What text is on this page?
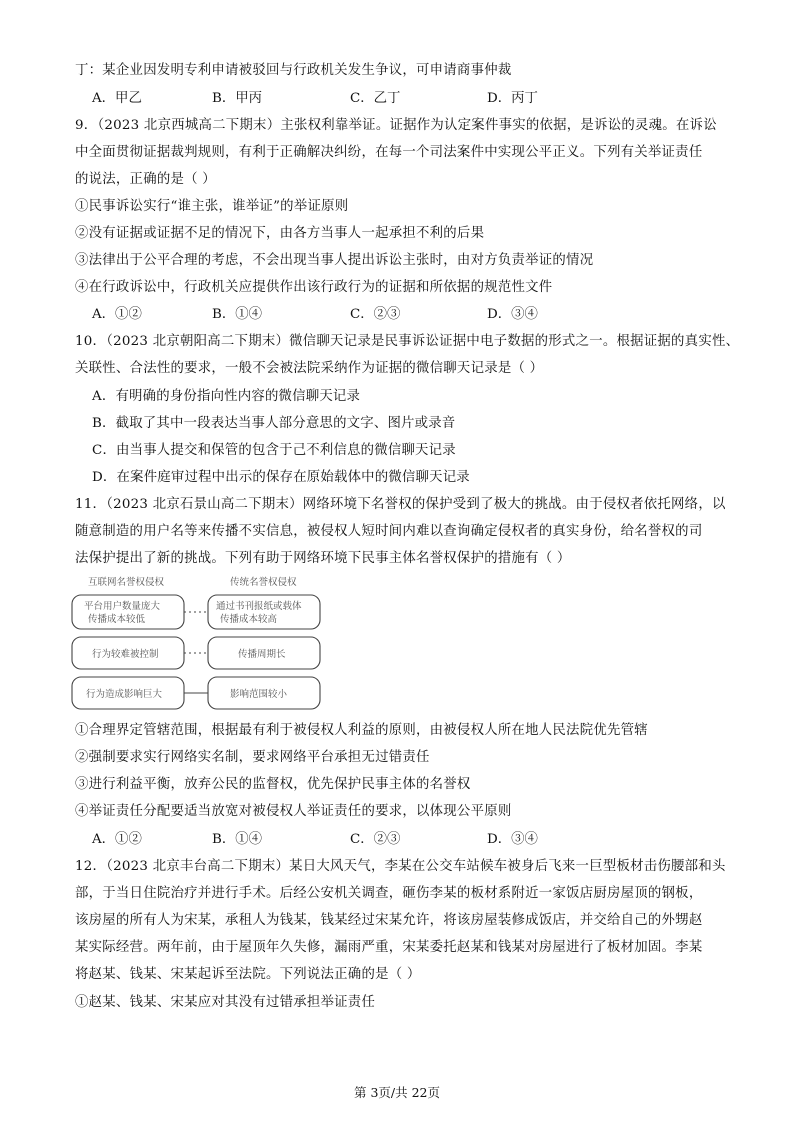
丁：某企业因发明专利申请被驳回与行政机关发生争议，可申请商事仲裁
A．甲乙	B．甲丙	C．乙丁	D．丙丁
9．（2023 北京西城高二下期末）主张权利靠举证。证据作为认定案件事实的依据，是诉讼的灵魂。在诉讼
中全面贯彻证据裁判规则，有利于正确解决纠纷，在每一个司法案件中实现公平正义。下列有关举证责任
的说法，正确的是（ ）
①民事诉讼实行“谁主张，谁举证”的举证原则
②没有证据或证据不足的情况下，由各方当事人一起承担不利的后果
③法律出于公平合理的考虑，不会出现当事人提出诉讼主张时，由对方负责举证的情况
④在行政诉讼中，行政机关应提供作出该行政行为的证据和所依据的规范性文件
A．①②	B．①④	C．②③	D．③④
10．（2023 北京朝阳高二下期末）微信聊天记录是民事诉讼证据中电子数据的形式之一。根据证据的真实性、
关联性、合法性的要求，一般不会被法院采纳作为证据的微信聊天记录是（ ）
A．有明确的身份指向性内容的微信聊天记录
B．截取了其中一段表达当事人部分意思的文字、图片或录音
C．由当事人提交和保管的包含于己不利信息的微信聊天记录
D．在案件庭审过程中出示的保存在原始载体中的微信聊天记录
11．（2023 北京石景山高二下期末）网络环境下名誉权的保护受到了极大的挑战。由于侵权者依托网络，以
随意制造的用户名等来传播不实信息，被侵权人短时间内难以查询确定侵权者的真实身份，给名誉权的司
法保护提出了新的挑战。下列有助于网络环境下民事主体名誉权保护的措施有（ ）
互联网名誉权侵权	传统名誉权侵权
平台用户数量庞大
传播成本较低
通过书刊报纸或载体
传播成本较高
行为较难被控制	传播周期长
行为造成影响巨大	影响范围较小
①合理界定管辖范围，根据最有利于被侵权人利益的原则，由被侵权人所在地人民法院优先管辖
②强制要求实行网络实名制，要求网络平台承担无过错责任
③进行利益平衡，放弃公民的监督权，优先保护民事主体的名誉权
④举证责任分配要适当放宽对被侵权人举证责任的要求，以体现公平原则
A．①②	B．①④	C．②③	D．③④
12．（2023 北京丰台高二下期末）某日大风天气，李某在公交车站候车被身后飞来一巨型板材击伤腰部和头
部，于当日住院治疗并进行手术。后经公安机关调查，砸伤李某的板材系附近一家饭店厨房屋顶的钢板，
该房屋的所有人为宋某，承租人为钱某，钱某经过宋某允许，将该房屋装修成饭店，并交给自己的外甥赵
某实际经营。两年前，由于屋顶年久失修，漏雨严重，宋某委托赵某和钱某对房屋进行了板材加固。李某
将赵某、钱某、宋某起诉至法院。下列说法正确的是（ ）
①赵某、钱某、宋某应对其没有过错承担举证责任
第 3页/共 22页
